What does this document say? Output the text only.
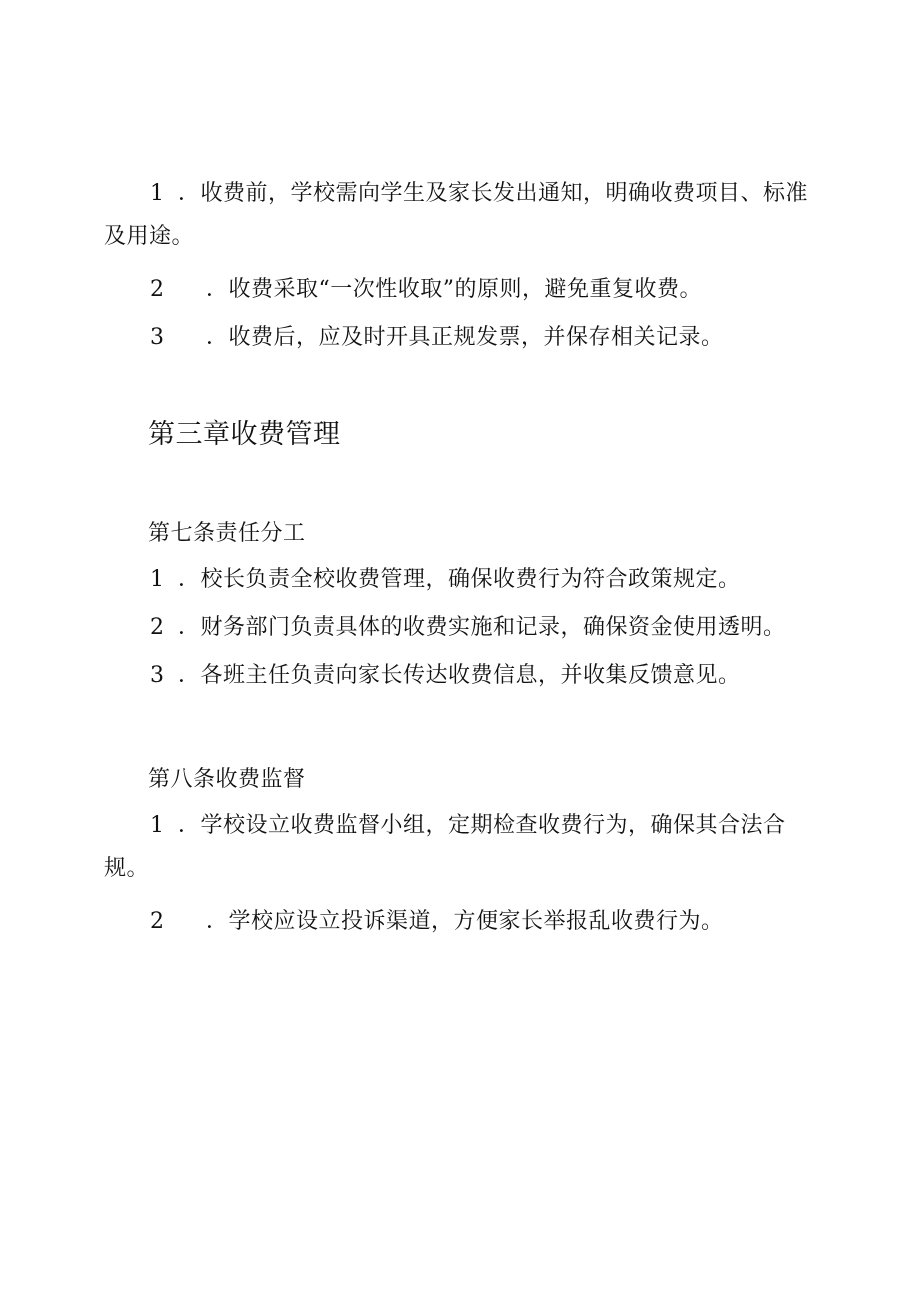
1 ．收费前，学校需向学生及家长发出通知，明确收费项目、标准及用途。

2 ．收费采取“一次性收取”的原则，避免重复收费。

3 ．收费后，应及时开具正规发票，并保存相关记录。

第三章收费管理
第七条责任分工

1 ．校长负责全校收费管理，确保收费行为符合政策规定。

2 ．财务部门负责具体的收费实施和记录，确保资金使用透明。

3 ．各班主任负责向家长传达收费信息，并收集反馈意见。

第八条收费监督

1 ．学校设立收费监督小组，定期检查收费行为，确保其合法合规。

2 ．学校应设立投诉渠道，方便家长举报乱收费行为。
